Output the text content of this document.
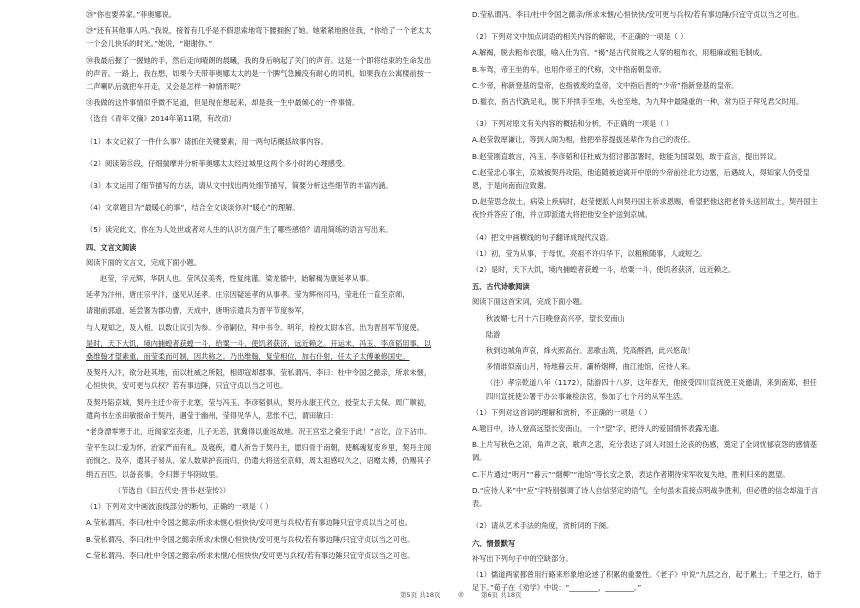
㉘“你也要养家。”菲奥娜说。
㉙“还有其他事人吗。”我说，接着有几乎是不假思索地弯下腰拥抱了她。她紧紧地抱住我，“你给了一个老太太一个会儿快乐的时光。”她说，“谢谢你。”
㉚我最后握了一握她的手，然后走向晴朗的晨曦，我的身后响起了关门的声音。这是一个即将结束的生命发出的声音。一路上，我在想，如果今天带菲奥娜太太的是一个脾气急躁没有耐心的司机，如果我在公寓楼前按一二声喇叭后就把车开走，又会是怎样一种情形呢？
㉛我做的这件事情似乎微不足道，但是现在想起来，却是我一生中最倾心的一件事情。
（选自《青年文摘》2014年第11期，有改动）
（1）本文记叙了一件什么事？请抓住关键要素，用一两句话概括故事内容。
（2）阅读第⑮段，仔细揣摩并分析菲奥娜太太经过城里这两个多小时的心理感受。
（3）本文运用了细节描写的方法，请从文中找出两处细节描写，简要分析这些细节的丰富内涵。
（4）文章题目为“最暖心的事”，结合全文谈谈你对“暖心”的理解。
（5）读完此文，你在为人处世或者对人生的认识方面产生了哪些感悟？请用简练的语言写出来。
四、文言文阅读
阅读下面的文言文，完成下面小题。
赵莹，字元辉，华阴人也。莹风仪美秀，性复纯谨。梁龙德中，始解褐为康延孝从事。
延孝为汴州，唐庄宗平汴，遂见从延孝。庄宗因疑延孝的从事孝。莹为辉州司马，莹赴任一直至京师，
请谢前郭道，延尝署为郡功曹，天成中，唐明宗遣兵为晋平节度参军，
与人观知之，及入相，以数让议引为参。少帝嗣位，拜中书令。明年，检校太尉本官，出为晋昌军节度使。
是时，天下大饥，境内捕蝗者获蝗一斗，给粟一斗，使饥者获济，远近赖之。开运末，冯玉、李彦韬用事，以桑维翰才望素重，而莹柔而可制，因共称之。乃出维翰，复莹相位，加右仆射，任太子太傅兼修国史。
及契丹入汴，欲分赴其地，而以杜威之所阻，相即寇却郡事，莹私谓冯、李曰：杜中令国之懿亲，所求未惬，心恒快快，安可更与兵权？若有事边陲，只宜守贞以当之可也。
及契丹陷京城，契丹主迁少帝于北塞，莹与冯玉、李彦韬俱从，契丹永康王代立，授莹太子太保。周广顺初，遣尚书左丞田敏报命于契丹，遇莹于幽州，莹得见华人，悲怅不已，谓田敏曰：
“老身漂零寒于北，近闻家室丧逝，儿子无恙，犹冀得以重返故地。况王宫室之叠至于此！”言讫，泣下沾巾。
莹平生以仁爱为怀，治家严而有礼。及寝疾，遣人祈告于契丹主，愿归骨于南朝，使羁魂复变乡里，契丹主闻而悯之。及卒，遣其子易从、家人数辈护丧而归，仍遣大将送至京师，周太祖感叹久之，诏赠太傅，仍赐其子绢五百匹，以备丧事，令归葬于华阴故里。
（节选自《旧五代史·晋书·赵莹传》）
（1）下列对文中画波浪线部分的断句，正确的一项是（ ）
A.莹私谓冯、李曰/杜中令国之懿亲/所求未惬心恒快快/安可更与兵权/若有事边陲只宜守贞以当之可也。
B.莹私谓冯、李曰/杜中令国之懿亲所求/未惬心恒快快/安可更与兵权/若有事边陲/只宜守贞以当之可也。
C.莹私谓冯、李曰/杜中令国之懿亲/所求未惬/心恒快快/安可更与兵权/若有事边陲只宜守贞以当之可也。
D.莹私谓冯、李曰/杜中令国之懿亲/所求未惬/心恒快快/安可更与兵权/若有事边陲/只宜守贞以当之可也。
（2）下列对文中加点词语的相关内容的解说，不正确的一项是（ ）
A.解褐，脱去粗布衣服，喻入仕为官。“褐”是古代贫贱之人穿的粗布衣，用粗麻或粗毛制成。
B.车驾，帝王坐的车，也用作帝王的代称，文中指南朝皇帝。
C.少帝，称新登基的皇帝，也指被废的皇帝，文中指后晋的“少帝”指新登基的皇帝。
D.褴衣，指古代跣足礼，脱下并拱手至地，头也至地，为九拜中最隆重的一种，常为臣子拜见君父时用。
（3）下列对原文有关内容的概括和分析，不正确的一项是（ ）
A.赵莹敦厚谦让，等到入阁为相，他把举荐提拔延辈作为自己的责任。
B.赵莹刚直敢言，冯玉、李彦韬和任杜威为招讨都部署时，他能为国谋划，敢于直言，提出异议。
C.赵莹忠心事主，京城被契丹攻陷，他追随被迫离开中原的少帝前往北方边塞，后遇故人，得知家人仍受皇恩，于是向南而泣致谢。
D.赵莹思念故土，病染上疾病时，赵莹便派人向契丹国主祈求恩赐，希望把他这把老骨头送回故土，契丹国主夜怜并答应了他，并立即派遣大将把他安全护送到京城。
（4）把文中画横线的句子翻译成现代汉语。
（1）初，莹为从事，于母忧，亮祖不许归华下，以粗粮随事，人或短之。
（2）是时，天下大饥，境内捕蝗者获蝗一斗，给粟一斗，使饥者获济，远近赖之。
五、古代诗歌阅读
阅读下面这首宋词，完成下面小题。
秋波媚·七月十六日晚登高兴亭，望长安南山
陆游
秋到边城角声哀，烽火照高台。悲歌击筑，凭高酹酒，此兴悠哉！
多情谁似南山月，特地暮云开。灞桥烟柳，曲江池馆，应待人来。
（注）孝宗乾道八年（1172），陆游四十八岁，这年春天，他接受四川宣抚使王炎邀请，来到南郑，担任四川宣抚使公署干办公事兼检法官，参加了七个月的从军生活。
（1）下列对这首词的理解和赏析，不正确的一项是（ ）
A.题目中，诗人登高远望长安南山，一个“望”字，把诗人的爱国情怀表露无遗。
B.上片写秋色之凉，角声之哀，歌声之悲，充分表达了词人对国土沦丧的伤感，奠定了全词忧郁哀怨的感情基调。
C.下片通过“明月”“暮云”“烟柳”“池馆”等长安之景，表达作者期待宋军收复失地，胜利归来的愿望。
D.“应待人来”中“应”字特别强调了诗人自信坚定的语气，全句虽未直接点明战争胜利，但必胜的信念却溢于言表。
（2）请从艺术手法的角度，赏析词的下阕。
六、情景默写
补写出下列句子中的空缺部分。
（1）儒道两家都曾用行路来形象地论述了积累的重要性。《老子》中说“九层之台，起于累土；千里之行，始于足下。”荀子在《劝学》中说：“________，________。”
第5页 共18页	◎	第6页 共18页
